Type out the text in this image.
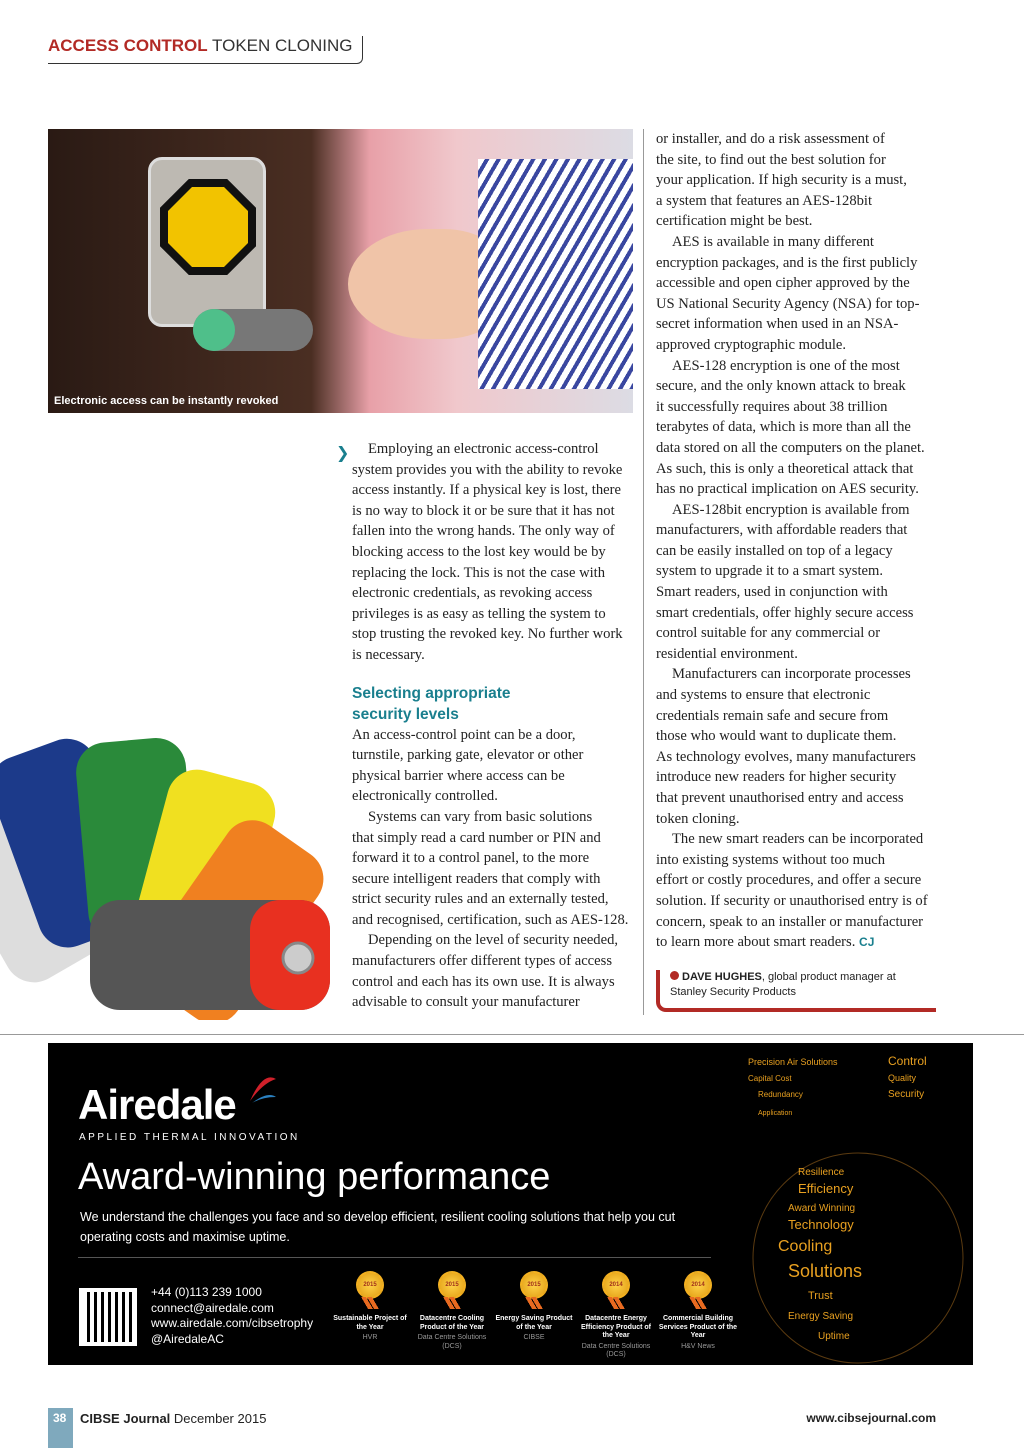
ACCESS CONTROL TOKEN CLONING
Electronic access can be instantly revoked
❯	Employing an electronic access-control
system provides you with the ability to revoke
access instantly. If a physical key is lost, there
is no way to block it or be sure that it has not
fallen into the wrong hands. The only way of
blocking access to the lost key would be by
replacing the lock. This is not the case with
electronic credentials, as revoking access
privileges is as easy as telling the system to
stop trusting the revoked key. No further work
is necessary.
Selecting appropriate
security levels
An access-control point can be a door,
turnstile, parking gate, elevator or other
physical barrier where access can be
electronically controlled.
Systems can vary from basic solutions
that simply read a card number or PIN and
forward it to a control panel, to the more
secure intelligent readers that comply with
strict security rules and an externally tested,
and recognised, certification, such as AES-128.
Depending on the level of security needed,
manufacturers offer different types of access
control and each has its own use. It is always
advisable to consult your manufacturer
or installer, and do a risk assessment of
the site, to find out the best solution for
your application. If high security is a must,
a system that features an AES-128bit
certification might be best.
AES is available in many different
encryption packages, and is the first publicly
accessible and open cipher approved by the
US National Security Agency (NSA) for top-
secret information when used in an NSA-
approved cryptographic module.
AES-128 encryption is one of the most
secure, and the only known attack to break
it successfully requires about 38 trillion
terabytes of data, which is more than all the
data stored on all the computers on the planet.
As such, this is only a theoretical attack that
has no practical implication on AES security.
AES-128bit encryption is available from
manufacturers, with affordable readers that
can be easily installed on top of a legacy
system to upgrade it to a smart system.
Smart readers, used in conjunction with
smart credentials, offer highly secure access
control suitable for any commercial or
residential environment.
Manufacturers can incorporate processes
and systems to ensure that electronic
credentials remain safe and secure from
those who would want to duplicate them.
As technology evolves, many manufacturers
introduce new readers for higher security
that prevent unauthorised entry and access
token cloning.
The new smart readers can be incorporated
into existing systems without too much
effort or costly procedures, and offer a secure
solution. If security or unauthorised entry is of
concern, speak to an installer or manufacturer
to learn more about smart readers. CJ
DAVE HUGHES, global product manager at
Stanley Security Products
Airedale
APPLIED THERMAL INNOVATION
Award-winning performance
We understand the challenges you face and so develop efficient, resilient cooling solutions that help you cut operating costs and maximise uptime.
+44 (0)113 239 1000
connect@airedale.com
www.airedale.com/cibsetrophy
@AiredaleAC
2015
Sustainable Project of the Year
HVR
2015
Datacentre Cooling Product of the Year
Data Centre Solutions (DCS)
2015
Energy Saving Product of the Year
CIBSE
2014
Datacentre Energy Efficiency Product of the Year
Data Centre Solutions (DCS)
2014
Commercial Building Services Product of the Year
H&V News
Solutions
Cooling
Technology
Efficiency
Resilience
Award Winning
Control
Quality
Security
Trust
Energy Saving
Uptime
Precision Air Solutions
Redundancy
Capital Cost
Application
38	CIBSE Journal December 2015	www.cibsejournal.com
